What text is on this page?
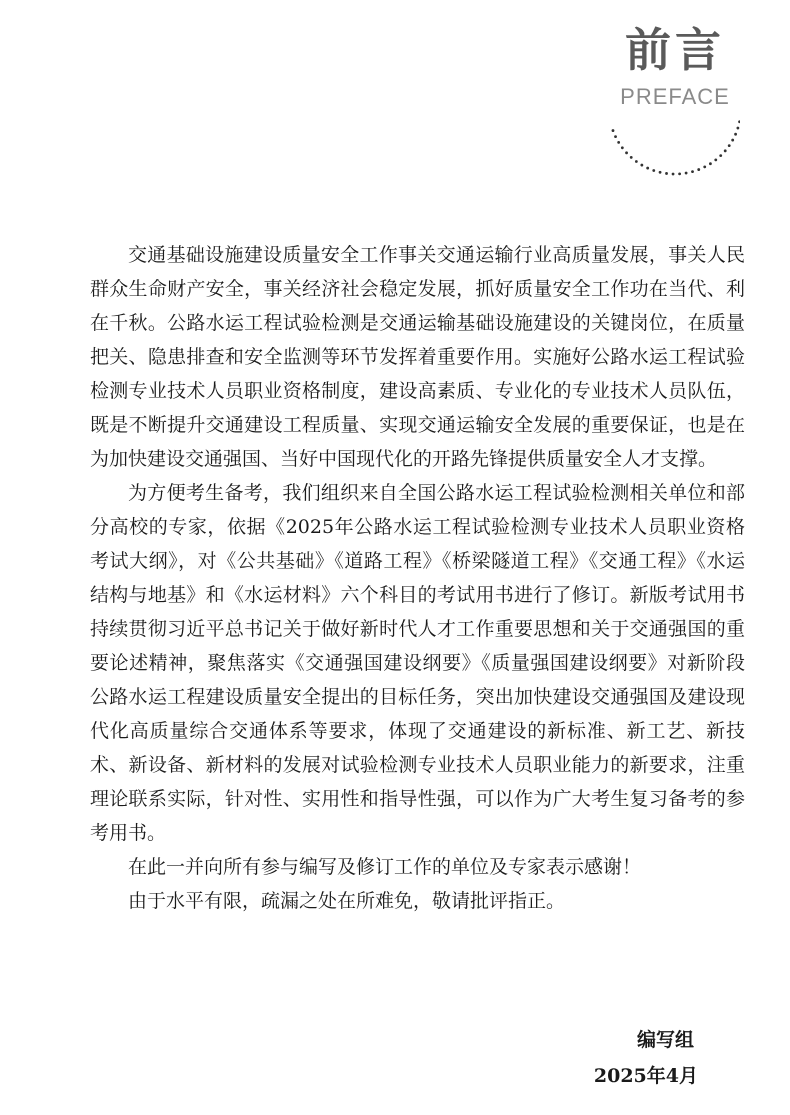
前言
PREFACE

交通基础设施建设质量安全工作事关交通运输行业高质量发展，事关人民群众生命财产安全，事关经济社会稳定发展，抓好质量安全工作功在当代、利在千秋。公路水运工程试验检测是交通运输基础设施建设的关键岗位，在质量把关、隐患排查和安全监测等环节发挥着重要作用。实施好公路水运工程试验检测专业技术人员职业资格制度，建设高素质、专业化的专业技术人员队伍，既是不断提升交通建设工程质量、实现交通运输安全发展的重要保证，也是在为加快建设交通强国、当好中国现代化的开路先锋提供质量安全人才支撑。

为方便考生备考，我们组织来自全国公路水运工程试验检测相关单位和部分高校的专家，依据《2025年公路水运工程试验检测专业技术人员职业资格考试大纲》，对《公共基础》《道路工程》《桥梁隧道工程》《交通工程》《水运结构与地基》和《水运材料》六个科目的考试用书进行了修订。新版考试用书持续贯彻习近平总书记关于做好新时代人才工作重要思想和关于交通强国的重要论述精神，聚焦落实《交通强国建设纲要》《质量强国建设纲要》对新阶段公路水运工程建设质量安全提出的目标任务，突出加快建设交通强国及建设现代化高质量综合交通体系等要求，体现了交通建设的新标准、新工艺、新技术、新设备、新材料的发展对试验检测专业技术人员职业能力的新要求，注重理论联系实际，针对性、实用性和指导性强，可以作为广大考生复习备考的参考用书。

在此一并向所有参与编写及修订工作的单位及专家表示感谢！

由于水平有限，疏漏之处在所难免，敬请批评指正。

编写组
2025年4月
